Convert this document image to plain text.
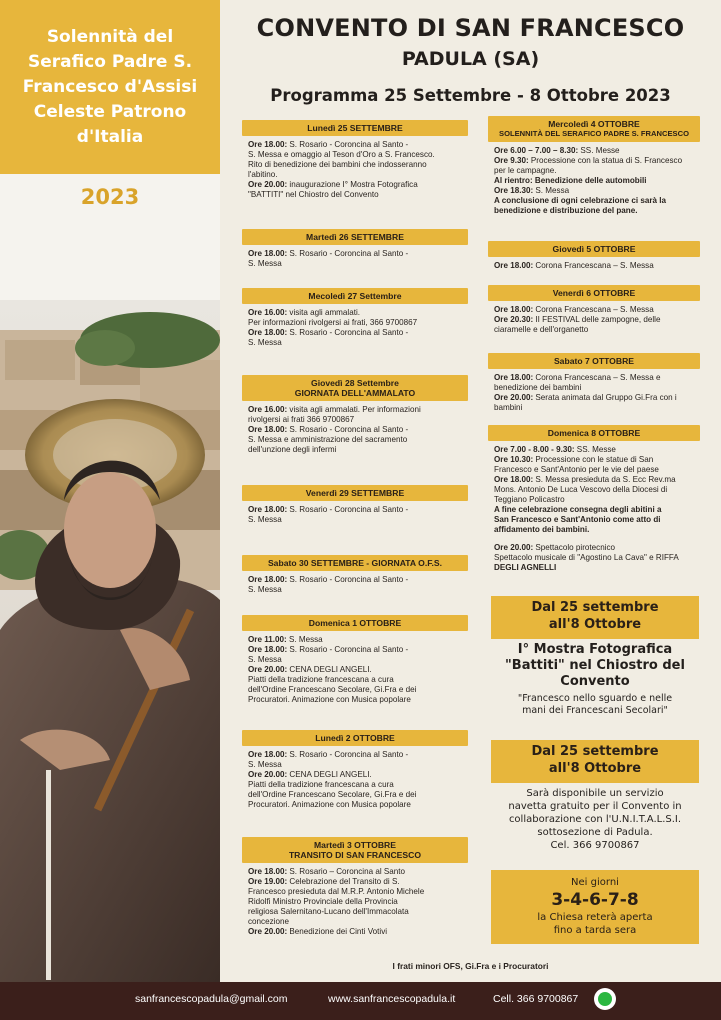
Solennità del Serafico Padre S. Francesco d'Assisi Celeste Patrono d'Italia
2023
CONVENTO DI SAN FRANCESCO
PADULA (SA)
Programma 25 Settembre - 8 Ottobre 2023
Lunedì 25 SETTEMBRE

Ore 18.00: S. Rosario - Coroncina al Santo -

S. Messa e omaggio al Teson d'Oro a S. Francesco.

Rito di benedizione dei bambini che indosseranno

l'abitino.

Ore 20.00: inaugurazione I° Mostra Fotografica

"BATTITI" nel Chiostro del Convento

Martedì 26 SETTEMBRE

Ore 18.00: S. Rosario - Coroncina al Santo -

S. Messa

Mecoledì 27 Settembre

Ore 16.00: visita agli ammalati.

Per informazioni rivolgersi ai frati, 366 9700867

Ore 18.00: S. Rosario - Coroncina al Santo -

S. Messa

Giovedì 28 Settembre
GIORNATA DELL'AMMALATO

Ore 16.00: visita agli ammalati. Per informazioni

rivolgersi ai frati 366 9700867

Ore 18.00: S. Rosario - Coroncina al Santo -

S. Messa e amministrazione del sacramento

dell'unzione degli infermi

Venerdì 29 SETTEMBRE

Ore 18.00: S. Rosario - Coroncina al Santo -

S. Messa

Sabato 30 SETTEMBRE - GIORNATA O.F.S.

Ore 18.00: S. Rosario - Coroncina al Santo -

S. Messa

Domenica 1 OTTOBRE

Ore 11.00: S. Messa

Ore 18.00: S. Rosario - Coroncina al Santo -

S. Messa

Ore 20.00: CENA DEGLI ANGELI.

Piatti della tradizione francescana a cura

dell'Ordine Francescano Secolare, Gi.Fra e dei

Procuratori. Animazione con Musica popolare

Lunedì 2 OTTOBRE

Ore 18.00: S. Rosario - Coroncina al Santo -

S. Messa

Ore 20.00: CENA DEGLI ANGELI.

Piatti della tradizione francescana a cura

dell'Ordine Francescano Secolare, Gi.Fra e dei

Procuratori. Animazione con Musica popolare

Martedì 3 OTTOBRE
TRANSITO DI SAN FRANCESCO

Ore 18.00: S. Rosario – Coroncina al Santo

Ore 19.00: Celebrazione del Transito di S.

Francesco presieduta dal M.R.P. Antonio Michele

Ridolfi Ministro Provinciale della Provincia

religiosa Salernitano-Lucano dell'Immacolata

concezione

Ore 20.00: Benedizione dei Cinti Votivi

Mercoledì 4 OTTOBRE
SOLENNITÀ DEL SERAFICO PADRE S. FRANCESCO

Ore 6.00 – 7.00 – 8.30: SS. Messe

Ore 9.30: Processione con la statua di S. Francesco

per le campagne.

Al rientro: Benedizione delle automobili

Ore 18.30: S. Messa

A conclusione di ogni celebrazione ci sarà la

benedizione e distribuzione del pane.

Giovedì 5 OTTOBRE

Ore 18.00: Corona Francescana – S. Messa

Venerdì 6 OTTOBRE

Ore 18.00: Corona Francescana – S. Messa

Ore 20.30: II FESTIVAL delle zampogne, delle

ciaramelle e dell'organetto

Sabato 7 OTTOBRE

Ore 18.00: Corona Francescana – S. Messa e

benedizione dei bambini

Ore 20.00: Serata animata dal Gruppo Gi.Fra con i

bambini

Domenica 8 OTTOBRE

Ore 7.00 - 8.00 - 9.30: SS. Messe

Ore 10.30: Processione con le statue di San

Francesco e Sant'Antonio per le vie del paese

Ore 18.00: S. Messa presieduta da S. Ecc Rev.ma

Mons. Antonio De Luca Vescovo della Diocesi di

Teggiano Policastro

A fine celebrazione consegna degli abitini a

San Francesco e Sant'Antonio come atto di

affidamento dei bambini.

Ore 20.00: Spettacolo pirotecnico

Spettacolo musicale di "Agostino La Cava" e RIFFA

DEGLI AGNELLI

Dal 25 settembre
all'8 Ottobre
I° Mostra Fotografica
"Battiti" nel Chiostro del
Convento
"Francesco nello sguardo e nelle
mani dei Francescani Secolari"
Dal 25 settembre
all'8 Ottobre
Sarà disponibile un servizio
navetta gratuito per il Convento in
collaborazione con l'U.N.I.T.A.L.S.I.
sottosezione di Padula.
Cel. 366 9700867
Nei giorni
3-4-6-7-8
la Chiesa reterà aperta
fino a tarda sera
I frati minori OFS, Gi.Fra e i Procuratori
sanfrancescopadula@gmail.com	www.sanfrancescopadula.it	Cell. 366 9700867
